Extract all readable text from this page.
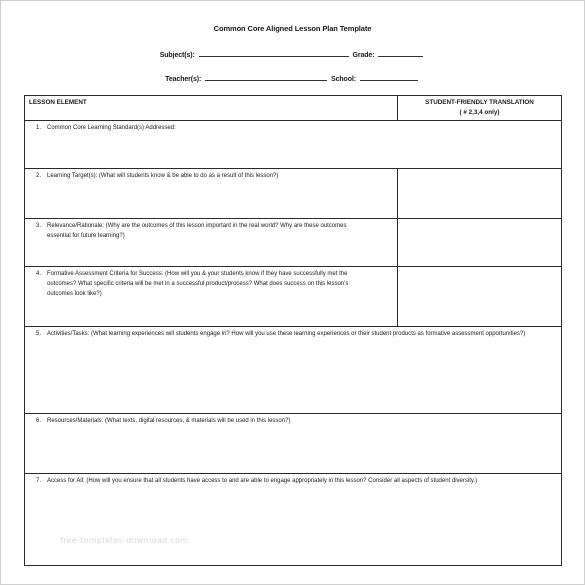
Common Core Aligned Lesson Plan Template
Subject(s):	Grade:
Teacher(s):	School:
LESSON ELEMENT	STUDENT-FRIENDLY TRANSLATION
( # 2,3,4 only)

1. Common Core Learning Standard(s) Addressed:	
2. Learning Target(s): (What will students know & be able to do as a result of this lesson?)	
3. Relevance/Rationale: (Why are the outcomes of this lesson important in the real world? Why are these outcomes essential for future learning?)	
4. Formative Assessment Criteria for Success: (How will you & your students know if they have successfully met the outcomes? What specific criteria will be met in a successful product/process? What does success on this lesson’s outcomes look like?)	
5. Activities/Tasks: (What learning experiences will students engage in? How will you use these learning experiences or their student products as formative assessment opportunities?)	
6. Resources/Materials: (What texts, digital resources, & materials will be used in this lesson?)	
7. Access for All: (How will you ensure that all students have access to and are able to engage appropriately in this lesson? Consider all aspects of student diversity.)	
free-templates-download.com
